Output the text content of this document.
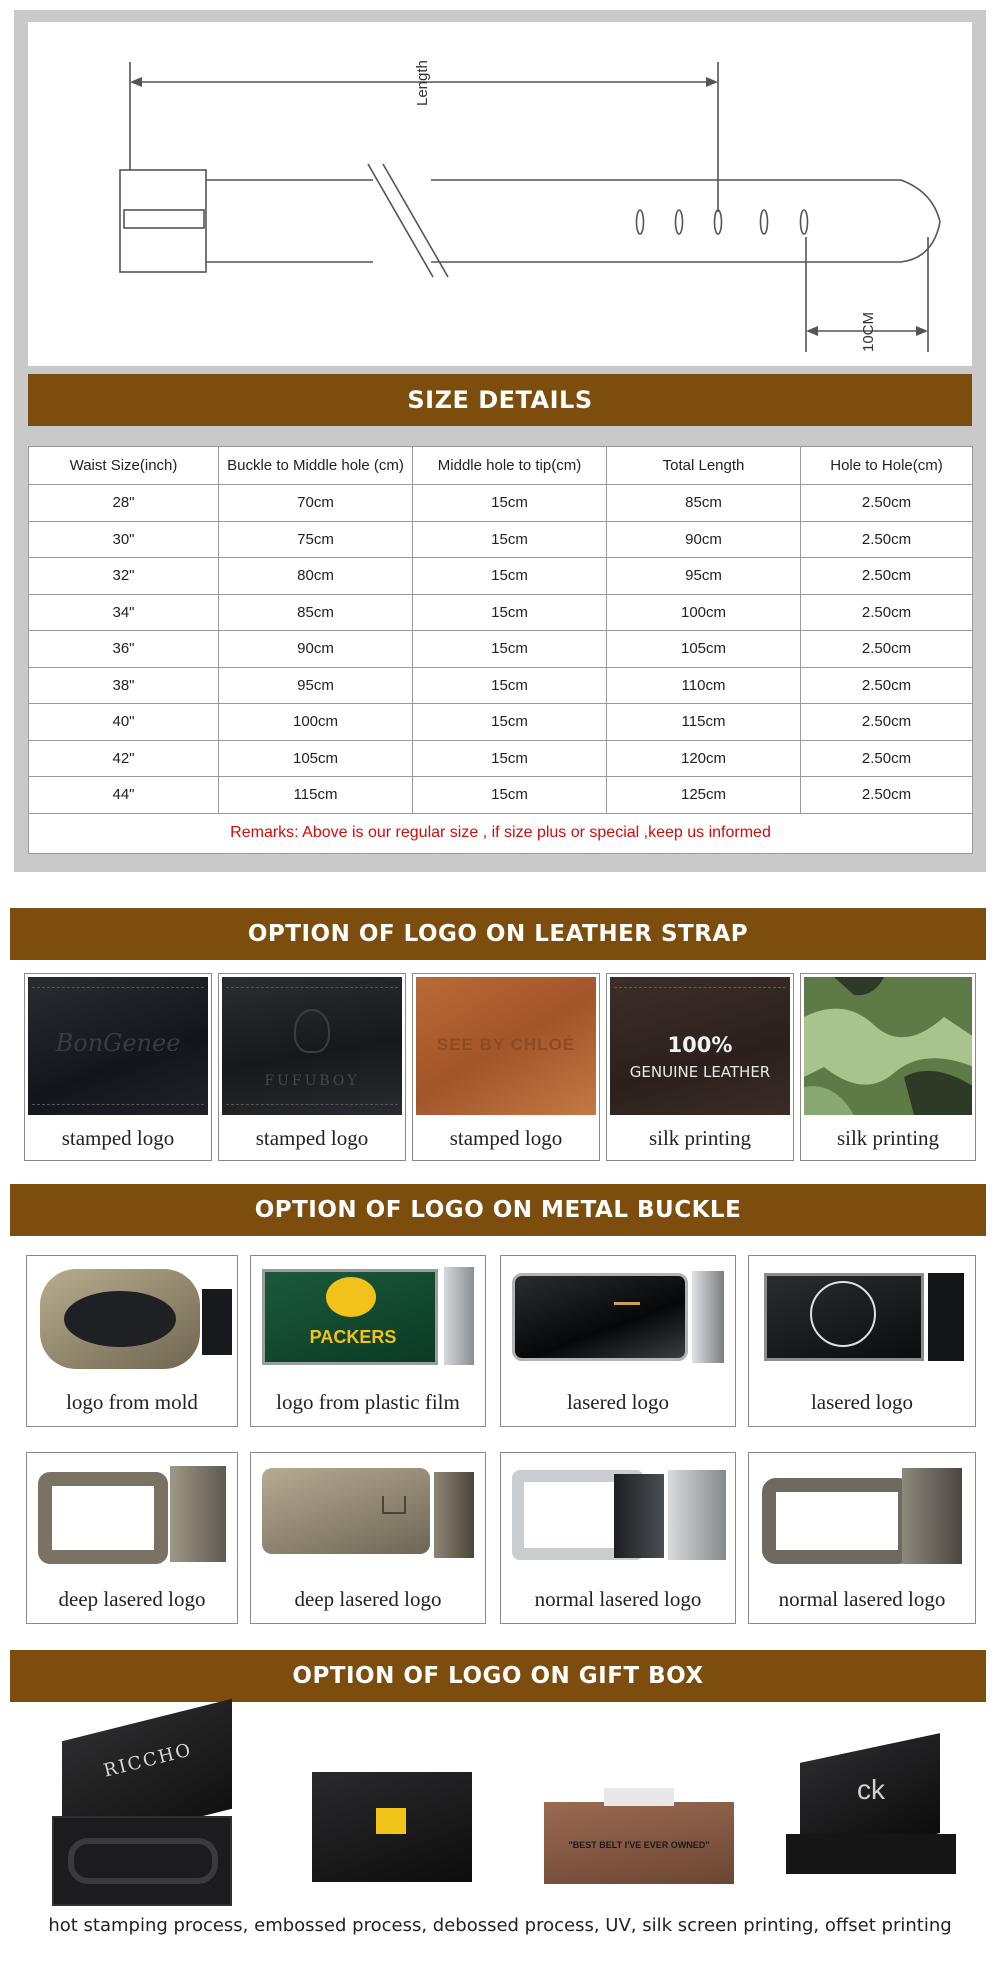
Length
10CM
SIZE DETAILS
Waist Size(inch)	Buckle to Middle hole (cm)	Middle hole to tip(cm)	Total Length	Hole to Hole(cm)
28"	70cm	15cm	85cm	2.50cm
30"	75cm	15cm	90cm	2.50cm
32"	80cm	15cm	95cm	2.50cm
34"	85cm	15cm	100cm	2.50cm
36"	90cm	15cm	105cm	2.50cm
38"	95cm	15cm	110cm	2.50cm
40"	100cm	15cm	115cm	2.50cm
42"	105cm	15cm	120cm	2.50cm
44"	115cm	15cm	125cm	2.50cm
Remarks: Above is our regular size , if size plus or special ,keep us informed				
OPTION OF LOGO ON LEATHER STRAP
BonGenee
stamped logo
FUFUBOY
stamped logo
SEE BY CHLOÉ
stamped logo
100%
GENUINE LEATHER
silk printing	silk printing
OPTION OF LOGO ON METAL BUCKLE
logo from mold
PACKERS
logo from plastic film	lasered logo	lasered logo
deep lasered logo	deep lasered logo	normal lasered logo	normal lasered logo
OPTION OF LOGO ON GIFT BOX
RICCHO
"BEST BELT I'VE EVER OWNED"
ck
hot stamping process, embossed process, debossed process, UV, silk screen printing, offset printing
